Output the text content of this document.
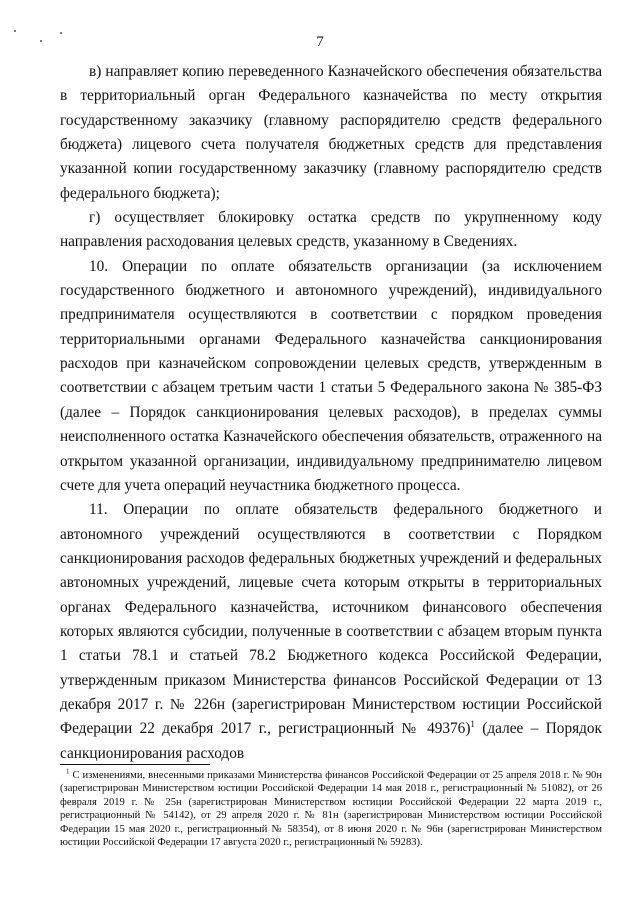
7

в) направляет копию переведенного Казначейского обеспечения обязательства в территориальный орган Федерального казначейства по месту открытия государственному заказчику (главному распорядителю средств федерального бюджета) лицевого счета получателя бюджетных средств для представления указанной копии государственному заказчику (главному распорядителю средств федерального бюджета);

г) осуществляет блокировку остатка средств по укрупненному коду направления расходования целевых средств, указанному в Сведениях.

10. Операции по оплате обязательств организации (за исключением государственного бюджетного и автономного учреждений), индивидуального предпринимателя осуществляются в соответствии с порядком проведения территориальными органами Федерального казначейства санкционирования расходов при казначейском сопровождении целевых средств, утвержденным в соответствии с абзацем третьим части 1 статьи 5 Федерального закона № 385-ФЗ (далее – Порядок санкционирования целевых расходов), в пределах суммы неисполненного остатка Казначейского обеспечения обязательств, отраженного на открытом указанной организации, индивидуальному предпринимателю лицевом счете для учета операций неучастника бюджетного процесса.

11. Операции по оплате обязательств федерального бюджетного и автономного учреждений осуществляются в соответствии с Порядком санкционирования расходов федеральных бюджетных учреждений и федеральных автономных учреждений, лицевые счета которым открыты в территориальных органах Федерального казначейства, источником финансового обеспечения которых являются субсидии, полученные в соответствии с абзацем вторым пункта 1 статьи 78.1 и статьей 78.2 Бюджетного кодекса Российской Федерации, утвержденным приказом Министерства финансов Российской Федерации от 13 декабря 2017 г. № 226н (зарегистрирован Министерством юстиции Российской Федерации 22 декабря 2017 г., регистрационный № 49376)$^1$ (далее – Порядок санкционирования расходов

$^1$ С изменениями, внесенными приказами Министерства финансов Российской Федерации от 25 апреля 2018 г. № 90н (зарегистрирован Министерством юстиции Российской Федерации 14 мая 2018 г., регистрационный № 51082), от 26 февраля 2019 г. № 25н (зарегистрирован Министерством юстиции Российской Федерации 22 марта 2019 г., регистрационный № 54142), от 29 апреля 2020 г. № 81н (зарегистрирован Министерством юстиции Российской Федерации 15 мая 2020 г., регистрационный № 58354), от 8 июня 2020 г. № 96н (зарегистрирован Министерством юстиции Российской Федерации 17 августа 2020 г., регистрационный № 59283).
